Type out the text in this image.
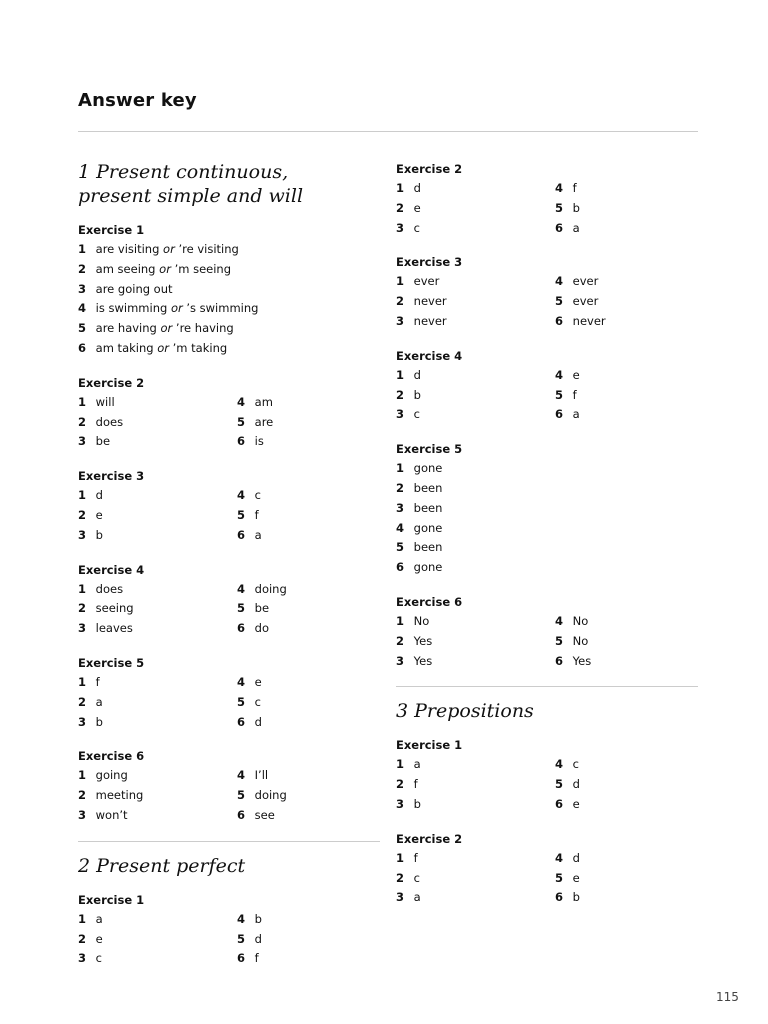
Answer key
1 Present continuous, present simple and will
Exercise 1
1 are visiting or ’re visiting
2 am seeing or ’m seeing
3 are going out
4 is swimming or ’s swimming
5 are having or ’re having
6 am taking or ’m taking
Exercise 2
1 will	4 am
2 does	5 are
3 be	6 is
Exercise 3
1 d	4 c
2 e	5 f
3 b	6 a
Exercise 4
1 does	4 doing
2 seeing	5 be
3 leaves	6 do
Exercise 5
1 f	4 e
2 a	5 c
3 b	6 d
Exercise 6
1 going	4 I’ll
2 meeting	5 doing
3 won’t	6 see
2 Present perfect
Exercise 1
1 a	4 b
2 e	5 d
3 c	6 f
Exercise 2
1 d	4 f
2 e	5 b
3 c	6 a
Exercise 3
1 ever	4 ever
2 never	5 ever
3 never	6 never
Exercise 4
1 d	4 e
2 b	5 f
3 c	6 a
Exercise 5
1 gone
2 been
3 been
4 gone
5 been
6 gone
Exercise 6
1 No	4 No
2 Yes	5 No
3 Yes	6 Yes
3 Prepositions
Exercise 1
1 a	4 c
2 f	5 d
3 b	6 e
Exercise 2
1 f	4 d
2 c	5 e
3 a	6 b
115
